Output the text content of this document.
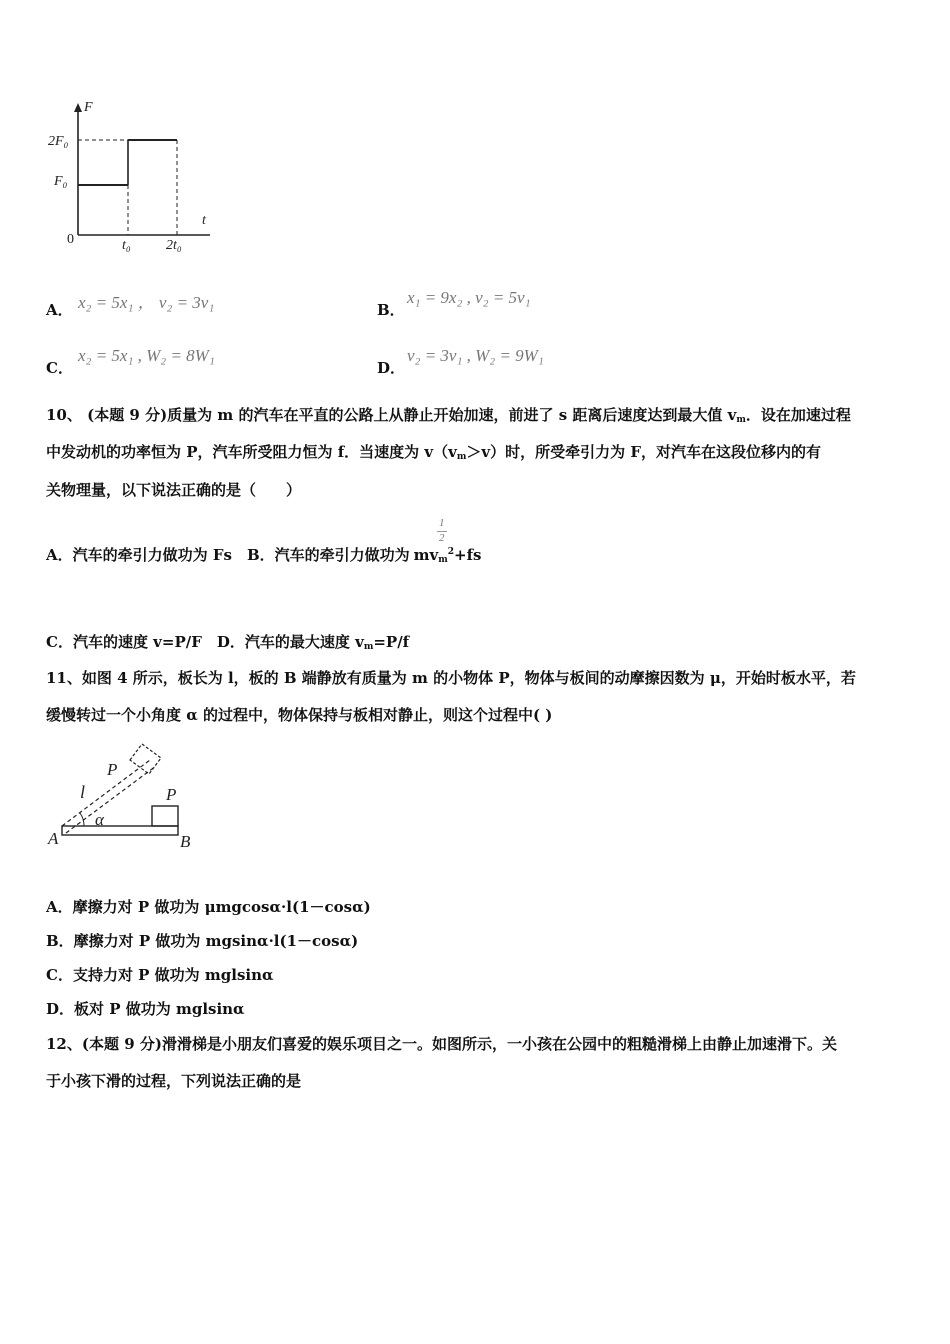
F
t
0
2F₀
F₀
t₀	2t₀
A． x₂ = 5x₁ ， v₂ = 3v₁	B．
x₁ = 9x₂ , v₂ = 5v₁
C．
x₂ = 5x₁ , W₂ = 8W₁
D．
v₂ = 3v₁ , W₂ = 9W₁
10、 (本题 9 分)质量为 m 的汽车在平直的公路上从静止开始加速，前进了 s 距离后速度达到最大值 $v_m$．设在加速过程
中发动机的功率恒为 P，汽车所受阻力恒为 f．当速度为 $v(v_m>v)$时，所受牵引力为 F，对汽车在这段位移内的有
关物理量，以下说法正确的是（　　）
1
2
A．汽车的牵引力做功为 Fs　B．汽车的牵引力做功为 $mv_m^2+fs$
C．汽车的速度 v=P/F　D．汽车的最大速度 $v_m=P/f$
11、如图 4 所示，板长为 l，板的 B 端静放有质量为 m 的小物体 P，物体与板间的动摩擦因数为 μ，开始时板水平，若
缓慢转过一个小角度 α 的过程中，物体保持与板相对静止，则这个过程中( )
P
l	P
α
A	B
A．摩擦力对 P 做功为 μmgcosα·l(1－cosα)
B．摩擦力对 P 做功为 mgsinα·l(1－cosα)
C．支持力对 P 做功为 mglsinα
D．板对 P 做功为 mglsinα
12、(本题 9 分)滑滑梯是小朋友们喜爱的娱乐项目之一。如图所示，一小孩在公园中的粗糙滑梯上由静止加速滑下。关
于小孩下滑的过程，下列说法正确的是
